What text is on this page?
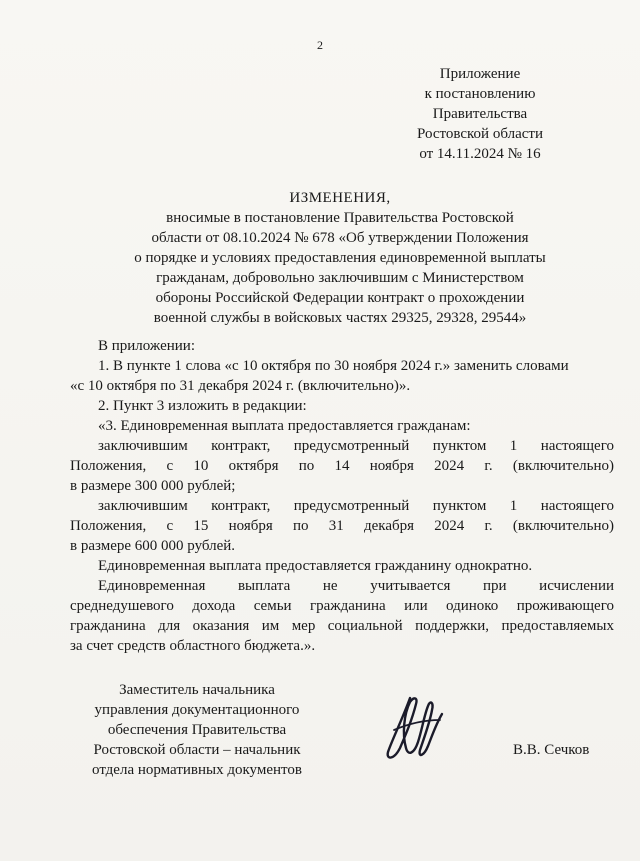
2
Приложение
к постановлению
Правительства
Ростовской области
от 14.11.2024 № 16
ИЗМЕНЕНИЯ,
вносимые в постановление Правительства Ростовской
области от 08.10.2024 № 678 «Об утверждении Положения
о порядке и условиях предоставления единовременной выплаты
гражданам, добровольно заключившим с Министерством
обороны Российской Федерации контракт о прохождении
военной службы в войсковых частях 29325, 29328, 29544»

В приложении:

1. В пункте 1 слова «с 10 октября по 30 ноября 2024 г.» заменить словами

«с 10 октября по 31 декабря 2024 г. (включительно)».

2. Пункт 3 изложить в редакции:

«3. Единовременная выплата предоставляется гражданам:

заключившим контракт, предусмотренный пунктом 1 настоящего

Положения, с 10 октября по 14 ноября 2024 г. (включительно)

в размере 300 000 рублей;

заключившим контракт, предусмотренный пунктом 1 настоящего

Положения, с 15 ноября по 31 декабря 2024 г. (включительно)

в размере 600 000 рублей.

Единовременная выплата предоставляется гражданину однократно.

Единовременная выплата не учитывается при исчислении

среднедушевого дохода семьи гражданина или одиноко проживающего

гражданина для оказания им мер социальной поддержки, предоставляемых

за счет средств областного бюджета.».

Заместитель начальника
управления документационного
обеспечения Правительства
Ростовской области – начальник
отдела нормативных документов
В.В. Сечков
